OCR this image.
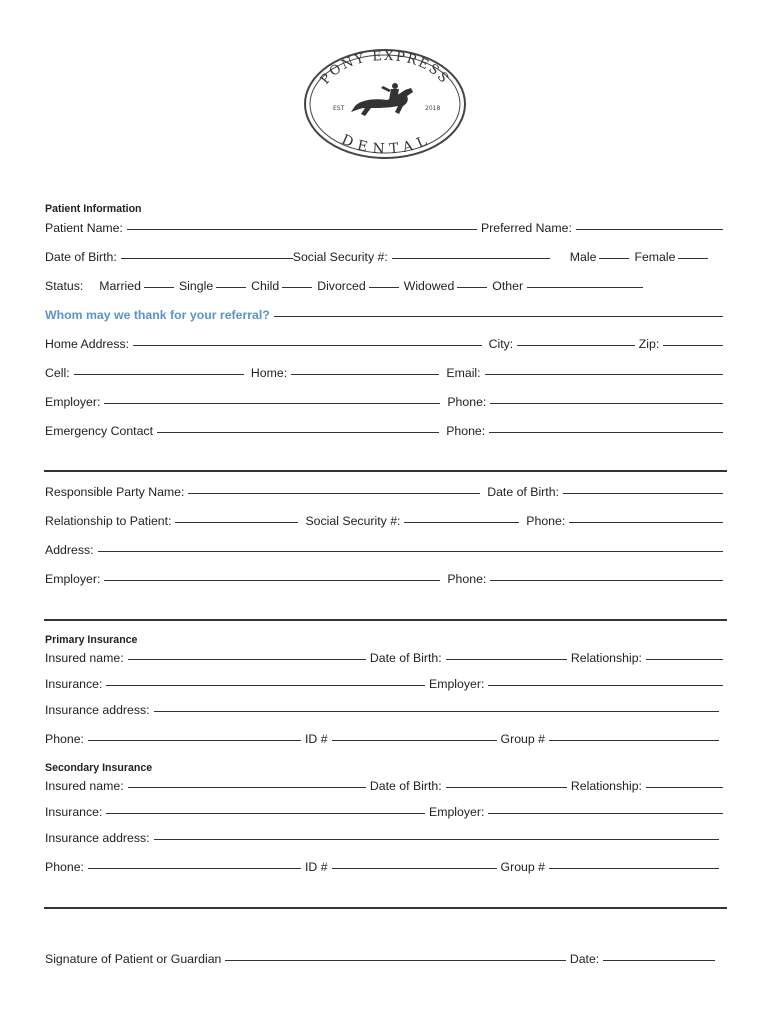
PONY EXPRESS
DENTAL
EST	2018
Patient Information
Patient Name:	Preferred Name:
Date of Birth:	Social Security #:	Male	Female
Status: Married	Single	Child	Divorced	Widowed	Other
Whom may we thank for your referral?
Home Address:	City:	Zip:
Cell:	Home:	Email:
Employer:	Phone:
Emergency Contact	Phone:
Responsible Party Name:	Date of Birth:
Relationship to Patient:	Social Security #:	Phone:
Address:
Employer:	Phone:
Primary Insurance
Insured name:	Date of Birth:	Relationship:
Insurance:	Employer:
Insurance address:
Phone:	ID #	Group #
Secondary Insurance
Insured name:	Date of Birth:	Relationship:
Insurance:	Employer:
Insurance address:
Phone:	ID #	Group #
Signature of Patient or Guardian	Date:
